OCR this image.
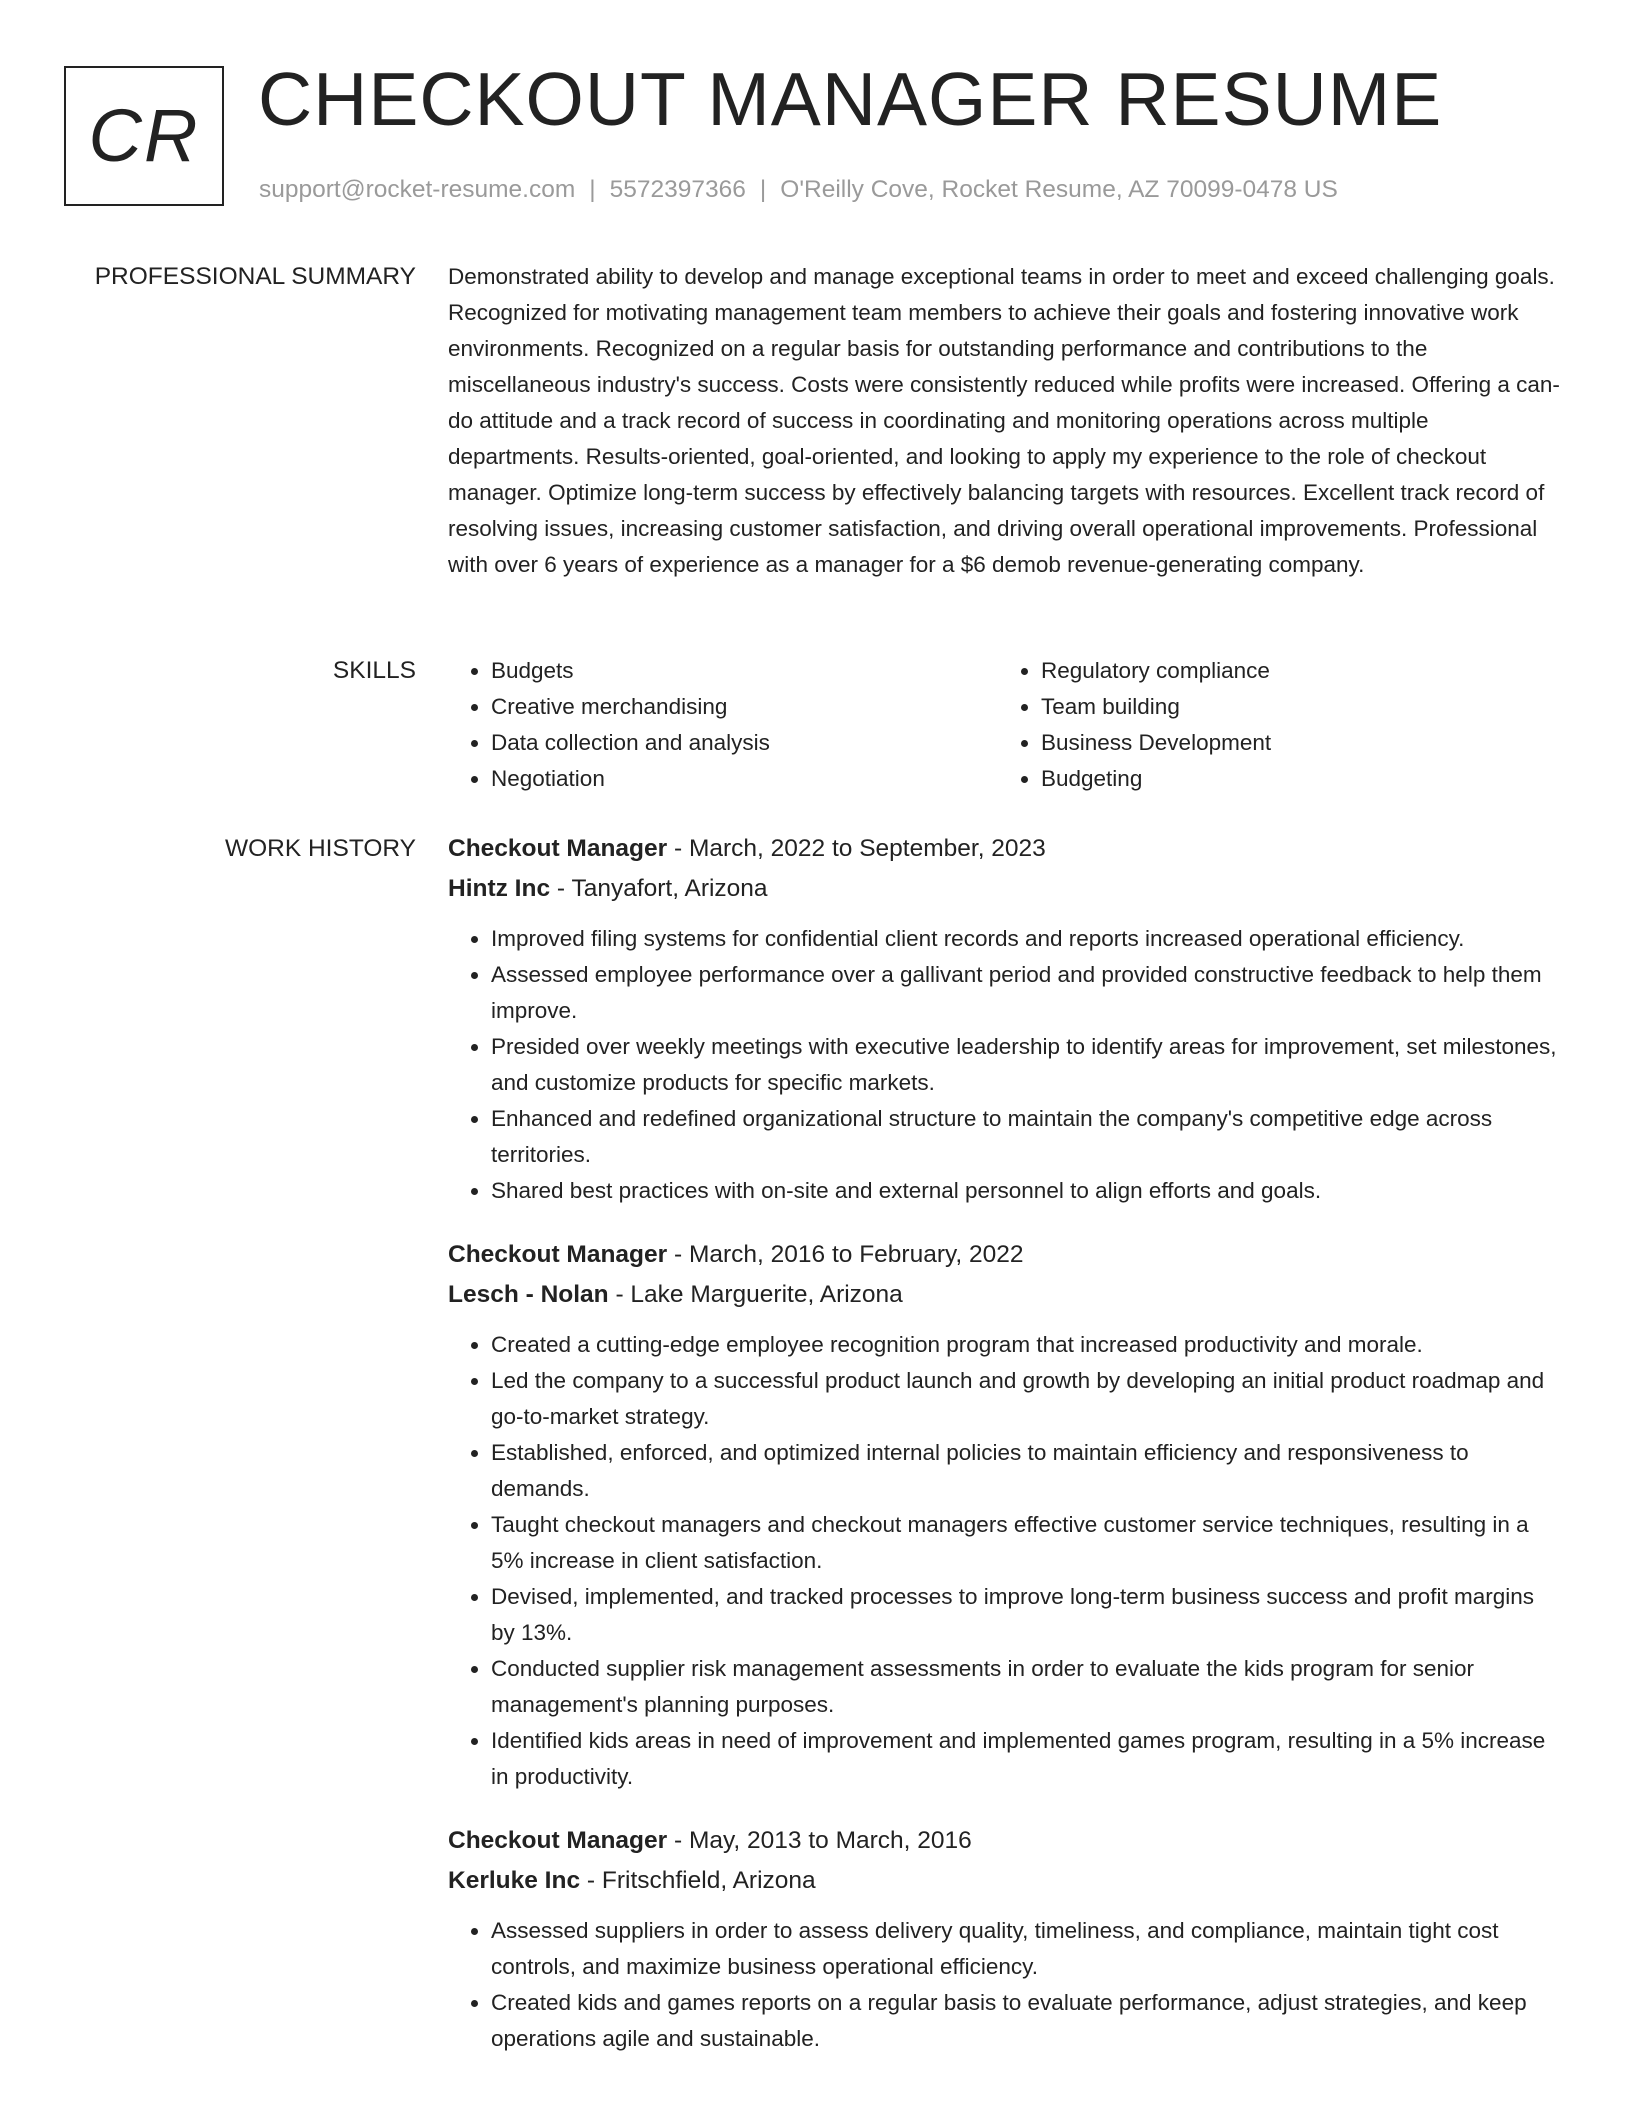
CR CHECKOUT MANAGER RESUME
support@rocket-resume.com | 5572397366 | O'Reilly Cove, Rocket Resume, AZ 70099-0478 US
PROFESSIONAL SUMMARY Demonstrated ability to develop and manage exceptional teams in order to meet and exceed challenging goals. Recognized for motivating management team members to achieve their goals and fostering innovative work environments. Recognized on a regular basis for outstanding performance and contributions to the miscellaneous industry's success. Costs were consistently reduced while profits were increased. Offering a can-do attitude and a track record of success in coordinating and monitoring operations across multiple departments. Results-oriented, goal-oriented, and looking to apply my experience to the role of checkout manager. Optimize long-term success by effectively balancing targets with resources. Excellent track record of resolving issues, increasing customer satisfaction, and driving overall operational improvements. Professional with over 6 years of experience as a manager for a $6 demob revenue-generating company.

SKILLS
•	Budgets
• Creative merchandising
• Data collection and analysis
• Negotiation
• Regulatory compliance
• Team building
• Business Development
• Budgeting
WORK HISTORY Checkout Manager - March, 2022 to September, 2023
Hintz Inc - Tanyafort, Arizona
• Improved filing systems for confidential client records and reports increased operational efficiency.
• Assessed employee performance over a gallivant period and provided constructive feedback to help them improve.
• Presided over weekly meetings with executive leadership to identify areas for improvement, set milestones, and customize products for specific markets.
• Enhanced and redefined organizational structure to maintain the company's competitive edge across territories.
• Shared best practices with on-site and external personnel to align efforts and goals.
Checkout Manager - March, 2016 to February, 2022
Lesch - Nolan - Lake Marguerite, Arizona
• Created a cutting-edge employee recognition program that increased productivity and morale.
• Led the company to a successful product launch and growth by developing an initial product roadmap and go-to-market strategy.
• Established, enforced, and optimized internal policies to maintain efficiency and responsiveness to demands.
• Taught checkout managers and checkout managers effective customer service techniques, resulting in a 5% increase in client satisfaction.
• Devised, implemented, and tracked processes to improve long-term business success and profit margins by 13%.
• Conducted supplier risk management assessments in order to evaluate the kids program for senior management's planning purposes.
• Identified kids areas in need of improvement and implemented games program, resulting in a 5% increase in productivity.
Checkout Manager - May, 2013 to March, 2016
Kerluke Inc - Fritschfield, Arizona
• Assessed suppliers in order to assess delivery quality, timeliness, and compliance, maintain tight cost controls, and maximize business operational efficiency.
• Created kids and games reports on a regular basis to evaluate performance, adjust strategies, and keep operations agile and sustainable.
